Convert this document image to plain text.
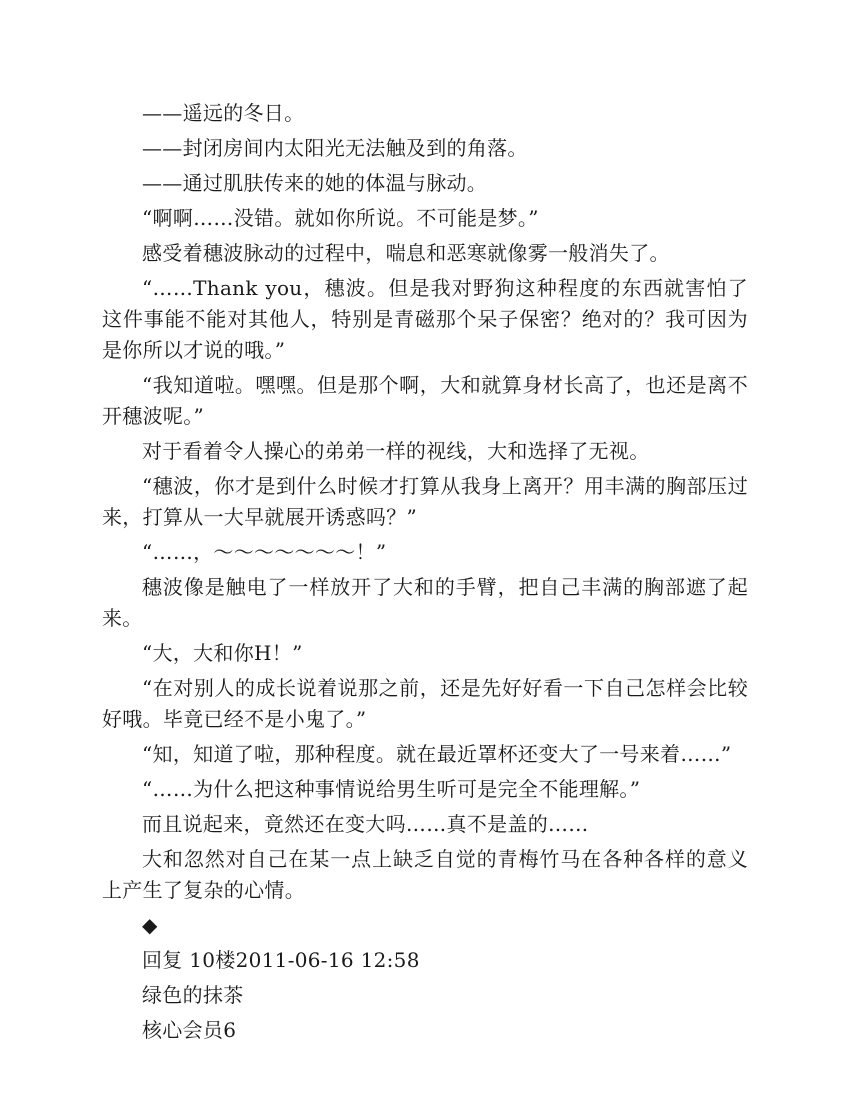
——遥远的冬日。

——封闭房间内太阳光无法触及到的角落。

——通过肌肤传来的她的体温与脉动。

“啊啊……没错。就如你所说。不可能是梦。”

感受着穗波脉动的过程中，喘息和恶寒就像雾一般消失了。

“……Thank you，穗波。但是我对野狗这种程度的东西就害怕了这件事能不能对其他人，特别是青磁那个呆子保密？绝对的？我可因为是你所以才说的哦。”

“我知道啦。嘿嘿。但是那个啊，大和就算身材长高了，也还是离不开穗波呢。”

对于看着令人操心的弟弟一样的视线，大和选择了无视。

“穗波，你才是到什么时候才打算从我身上离开？用丰满的胸部压过来，打算从一大早就展开诱惑吗？”

“……，～～～～～～～！”

穗波像是触电了一样放开了大和的手臂，把自己丰满的胸部遮了起来。

“大，大和你H！”

“在对别人的成长说着说那之前，还是先好好看一下自己怎样会比较好哦。毕竟已经不是小鬼了。”

“知，知道了啦，那种程度。就在最近罩杯还变大了一号来着……”

“……为什么把这种事情说给男生听可是完全不能理解。”

而且说起来，竟然还在变大吗……真不是盖的……

大和忽然对自己在某一点上缺乏自觉的青梅竹马在各种各样的意义上产生了复杂的心情。

◆

回复 10楼2011-06-16 12:58

绿色的抹茶

核心会员6
